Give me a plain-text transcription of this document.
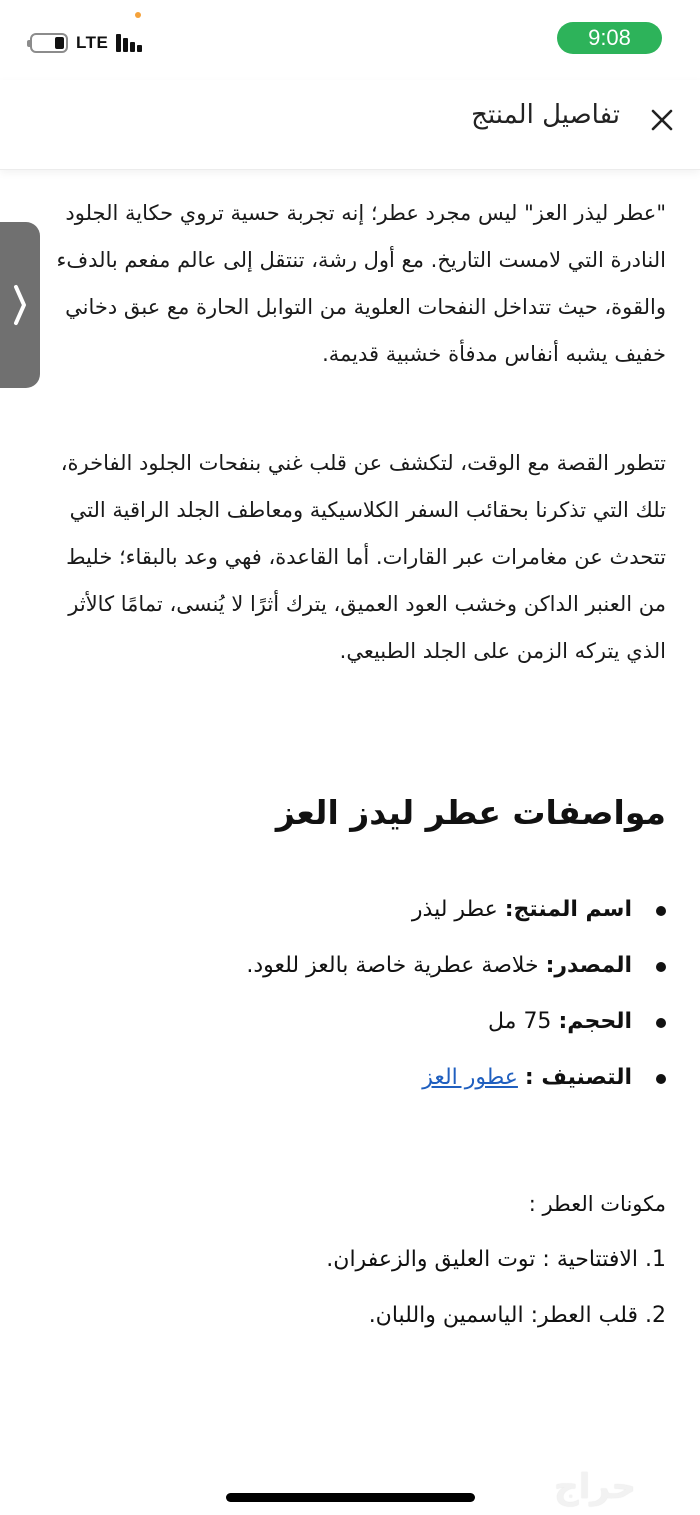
LTE	9:08
تفاصيل المنتج

"عطر ليذر العز" ليس مجرد عطر؛ إنه تجربة حسية تروي حكاية الجلود النادرة التي لامست التاريخ. مع أول رشة، تنتقل إلى عالم مفعم بالدفء والقوة، حيث تتداخل النفحات العلوية من التوابل الحارة مع عبق دخاني خفيف يشبه أنفاس مدفأة خشبية قديمة.

تتطور القصة مع الوقت، لتكشف عن قلب غني بنفحات الجلود الفاخرة، تلك التي تذكرنا بحقائب السفر الكلاسيكية ومعاطف الجلد الراقية التي تتحدث عن مغامرات عبر القارات. أما القاعدة، فهي وعد بالبقاء؛ خليط من العنبر الداكن وخشب العود العميق، يترك أثرًا لا يُنسى، تمامًا كالأثر الذي يتركه الزمن على الجلد الطبيعي.

مواصفات عطر ليدز العز
اسم المنتج: عطر ليذر
المصدر: خلاصة عطرية خاصة بالعز للعود.
الحجم: 75 مل
التصنيف : عطور العز

مكونات العطر :

1. الافتتاحية : توت العليق والزعفران.
2. قلب العطر: الياسمين واللبان.
حراج
